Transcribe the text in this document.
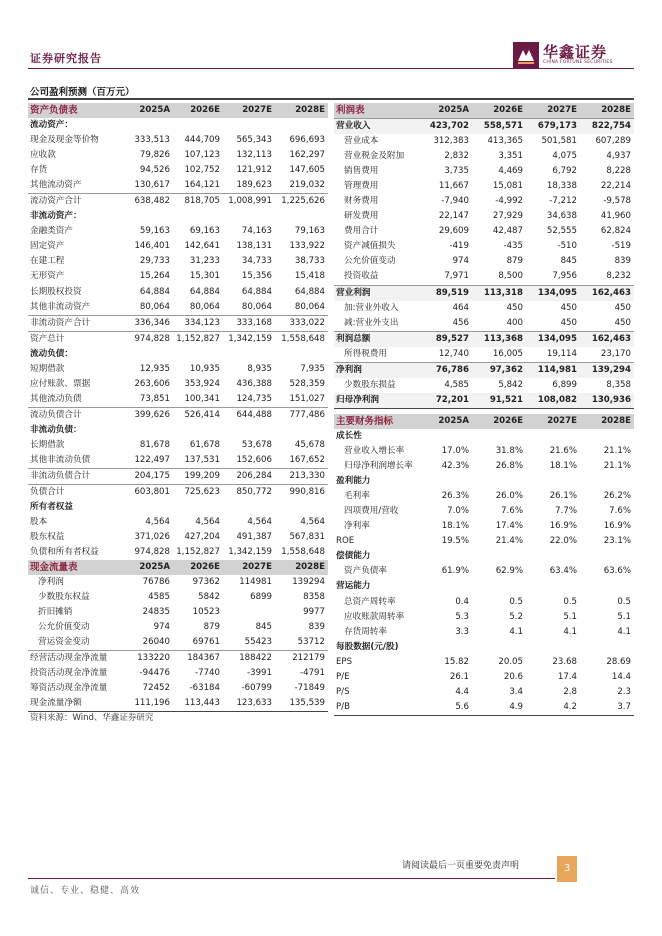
证券研究报告	华鑫证券
CHINA FORTUNE SECURITIES
公司盈利预测（百万元）
资产负债表	2025A	2026E	2027E	2028E
流动资产：				
现金及现金等价物	333,513	444,709	565,343	696,693
应收款	79,826	107,123	132,113	162,297
存货	94,526	102,752	121,912	147,605
其他流动资产	130,617	164,121	189,623	219,032
流动资产合计	638,482	818,705	1,008,991	1,225,626
非流动资产：				
金融类资产	59,163	69,163	74,163	79,163
固定资产	146,401	142,641	138,131	133,922
在建工程	29,733	31,233	34,733	38,733
无形资产	15,264	15,301	15,356	15,418
长期股权投资	64,884	64,884	64,884	64,884
其他非流动资产	80,064	80,064	80,064	80,064
非流动资产合计	336,346	334,123	333,168	333,022
资产总计	974,828	1,152,827	1,342,159	1,558,648
流动负债：				
短期借款	12,935	10,935	8,935	7,935
应付账款、票据	263,606	353,924	436,388	528,359
其他流动负债	73,851	100,341	124,735	151,027
流动负债合计	399,626	526,414	644,488	777,486
非流动负债：				
长期借款	81,678	61,678	53,678	45,678
其他非流动负债	122,497	137,531	152,606	167,652
非流动负债合计	204,175	199,209	206,284	213,330
负债合计	603,801	725,623	850,772	990,816
所有者权益				
股本	4,564	4,564	4,564	4,564
股东权益	371,026	427,204	491,387	567,831
负债和所有者权益	974,828	1,152,827	1,342,159	1,558,648
利润表	2025A	2026E	2027E	2028E
营业收入	423,702	558,571	679,173	822,754
营业成本	312,383	413,365	501,581	607,289
营业税金及附加	2,832	3,351	4,075	4,937
销售费用	3,735	4,469	6,792	8,228
管理费用	11,667	15,081	18,338	22,214
财务费用	-7,940	-4,992	-7,212	-9,578
研发费用	22,147	27,929	34,638	41,960
费用合计	29,609	42,487	52,555	62,824
资产减值损失	-419	-435	-510	-519
公允价值变动	974	879	845	839
投资收益	7,971	8,500	7,956	8,232
营业利润	89,519	113,318	134,095	162,463
加:营业外收入	464	450	450	450
减:营业外支出	456	400	450	450
利润总额	89,527	113,368	134,095	162,463
所得税费用	12,740	16,005	19,114	23,170
净利润	76,786	97,362	114,981	139,294
少数股东损益	4,585	5,842	6,899	8,358
归母净利润	72,201	91,521	108,082	130,936
主要财务指标	2025A	2026E	2027E	2028E
成长性				
营业收入增长率	17.0%	31.8%	21.6%	21.1%
归母净利润增长率	42.3%	26.8%	18.1%	21.1%
盈利能力				
毛利率	26.3%	26.0%	26.1%	26.2%
四项费用/营收	7.0%	7.6%	7.7%	7.6%
净利率	18.1%	17.4%	16.9%	16.9%
ROE	19.5%	21.4%	22.0%	23.1%
偿债能力				
资产负债率	61.9%	62.9%	63.4%	63.6%
营运能力				
总资产周转率	0.4	0.5	0.5	0.5
应收账款周转率	5.3	5.2	5.1	5.1
存货周转率	3.3	4.1	4.1	4.1
每股数据(元/股)				
EPS	15.82	20.05	23.68	28.69
P/E	26.1	20.6	17.4	14.4
P/S	4.4	3.4	2.8	2.3
P/B	5.6	4.9	4.2	3.7
现金流量表	2025A	2026E	2027E	2028E
净利润	76786	97362	114981	139294
少数股东权益	4585	5842	6899	8358
折旧摊销	24835	10523		9977
公允价值变动	974	879	845	839
营运资金变动	26040	69761	55423	53712
经营活动现金净流量	133220	184367	188422	212179
投资活动现金净流量	-94476	-7740	-3991	-4791
筹资活动现金净流量	72452	-63184	-60799	-71849
现金流量净额	111,196	113,443	123,633	135,539
资料来源：Wind、华鑫证券研究
请阅读最后一页重要免责声明	3
诚信、专业、稳健、高效
